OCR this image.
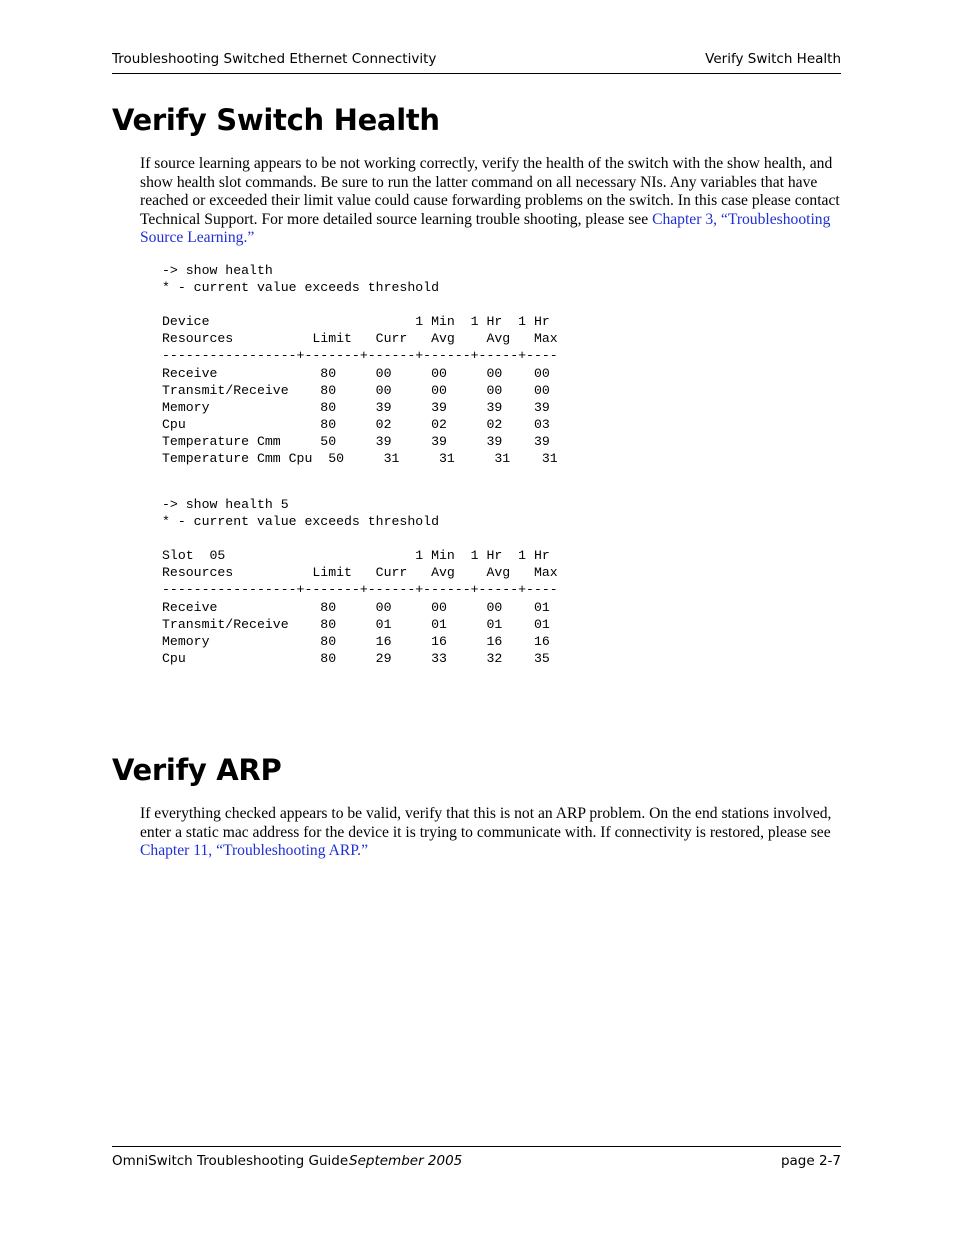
Troubleshooting Switched Ethernet Connectivity	Verify Switch Health
Verify Switch Health

If source learning appears to be not working correctly, verify the health of the switch with the show health, and show health slot commands. Be sure to run the latter command on all necessary NIs. Any variables that have reached or exceeded their limit value could cause forwarding problems on the switch. In this case please contact Technical Support. For more detailed source learning trouble shooting, please see Chapter 3, “Troubleshooting Source Learning.”

-> show health
* - current value exceeds threshold

Device                          1 Min  1 Hr  1 Hr
Resources          Limit   Curr   Avg    Avg   Max
-----------------+-------+------+------+-----+----
Receive             80     00     00     00    00
Transmit/Receive    80     00     00     00    00
Memory              80     39     39     39    39
Cpu                 80     02     02     02    03
Temperature Cmm     50     39     39     39    39
Temperature Cmm Cpu  50     31     31     31    31
-> show health 5
* - current value exceeds threshold

Slot  05                        1 Min  1 Hr  1 Hr
Resources          Limit   Curr   Avg    Avg   Max
-----------------+-------+------+------+-----+----
Receive             80     00     00     00    01
Transmit/Receive    80     01     01     01    01
Memory              80     16     16     16    16
Cpu                 80     29     33     32    35
Verify ARP

If everything checked appears to be valid, verify that this is not an ARP problem. On the end stations involved, enter a static mac address for the device it is trying to communicate with. If connectivity is restored, please see Chapter 11, “Troubleshooting ARP.”

OmniSwitch Troubleshooting Guide September 2005	page 2-7
